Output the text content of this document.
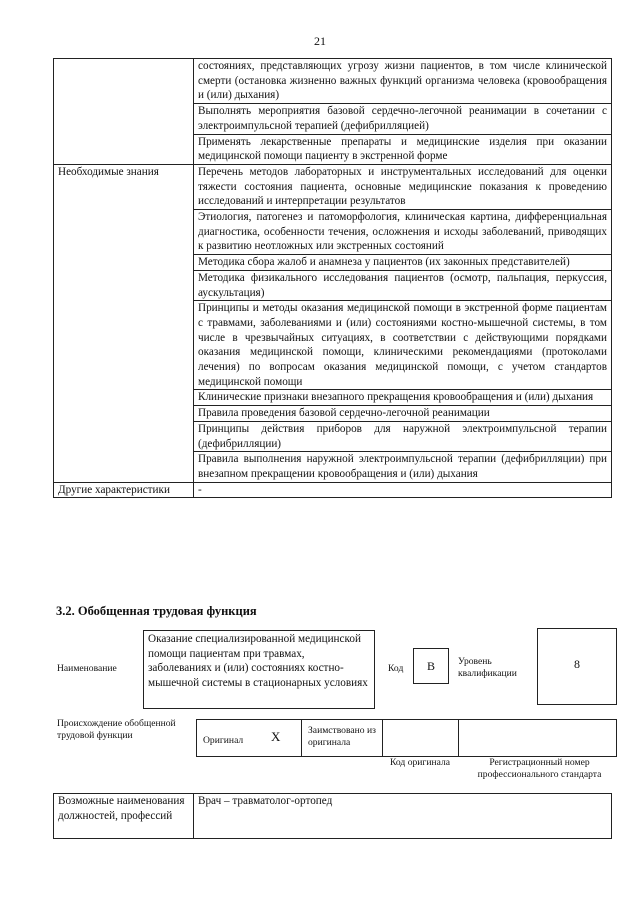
21
	состояниях, представляющих угрозу жизни пациентов, в том числе клинической смерти (остановка жизненно важных функций организма человека (кровообращения и (или) дыхания)
	Выполнять мероприятия базовой сердечно-легочной реанимации в сочетании с электроимпульсной терапией (дефибрилляцией)
	Применять лекарственные препараты и медицинские изделия при оказании медицинской помощи пациенту в экстренной форме
Необходимые знания	Перечень методов лабораторных и инструментальных исследований для оценки тяжести состояния пациента, основные медицинские показания к проведению исследований и интерпретации результатов
	Этиология, патогенез и патоморфология, клиническая картина, дифференциальная диагностика, особенности течения, осложнения и исходы заболеваний, приводящих к развитию неотложных или экстренных состояний
	Методика сбора жалоб и анамнеза у пациентов (их законных представителей)
	Методика физикального исследования пациентов (осмотр, пальпация, перкуссия, аускультация)
	Принципы и методы оказания медицинской помощи в экстренной форме пациентам с травмами, заболеваниями и (или) состояниями костно-мышечной системы, в том числе в чрезвычайных ситуациях, в соответствии с действующими порядками оказания медицинской помощи, клиническими рекомендациями (протоколами лечения) по вопросам оказания медицинской помощи, с учетом стандартов медицинской помощи
	Клинические признаки внезапного прекращения кровообращения и (или) дыхания
	Правила проведения базовой сердечно-легочной реанимации
	Принципы действия приборов для наружной электроимпульсной терапии (дефибрилляции)
	Правила выполнения наружной электроимпульсной терапии (дефибрилляции) при внезапном прекращении кровообращения и (или) дыхания
Другие характеристики	-
3.2. Обобщенная трудовая функция
Наименование
Оказание специализированной медицинской помощи пациентам при травмах, заболеваниях и (или) состояниях костно-мышечной системы в стационарных условиях
Код	B	Уровень квалификации
8
Происхождение обобщенной трудовой функции	Оригинал X	Заимствовано из оригинала
Код оригинала	Регистрационный номер профессионального стандарта
Возможные наименования должностей, профессий	Врач – травматолог-ортопед
